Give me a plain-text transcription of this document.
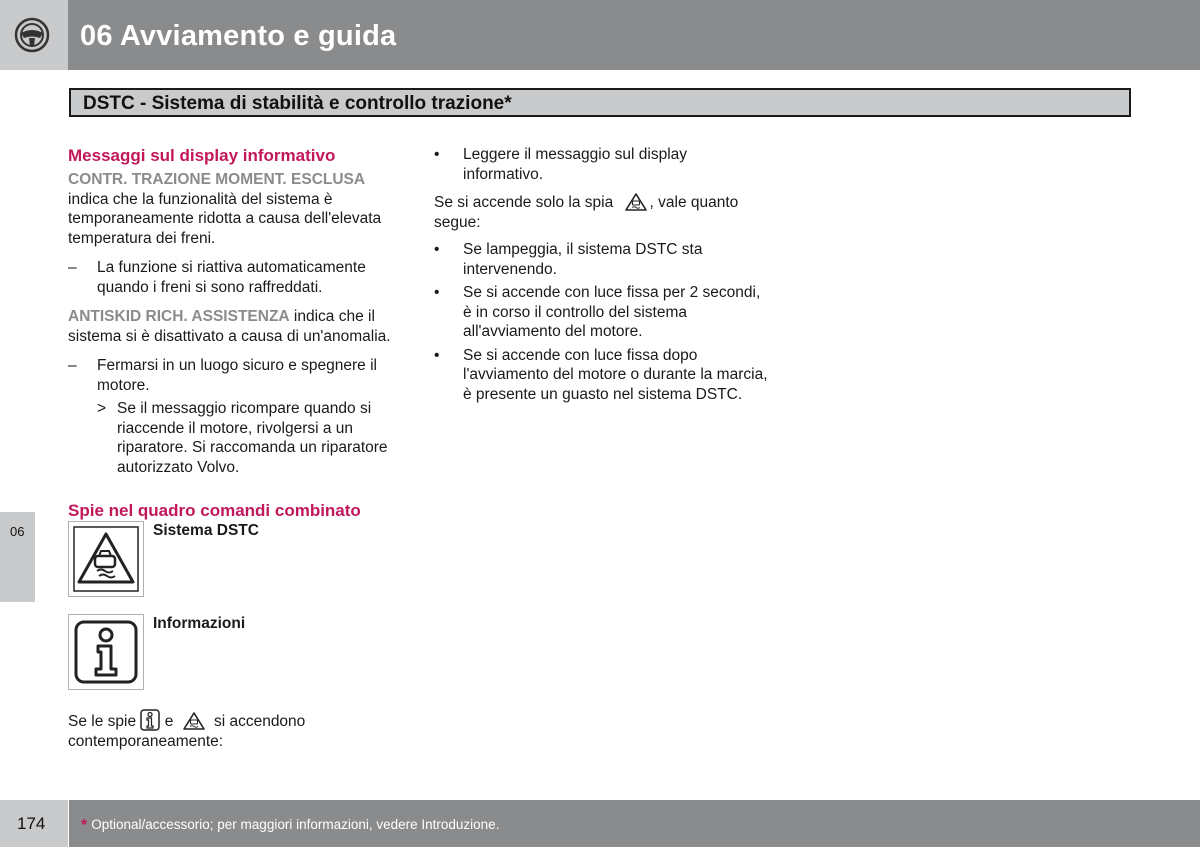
06 Avviamento e guida
DSTC - Sistema di stabilità e controllo trazione*
Messaggi sul display informativo

CONTR. TRAZIONE MOMENT. ESCLUSA
indica che la funzionalità del sistema è temporaneamente ridotta a causa dell'elevata temperatura dei freni.

– La funzione si riattiva automaticamente quando i freni si sono raffreddati.

ANTISKID RICH. ASSISTENZA indica che il sistema si è disattivato a causa di un'anomalia.

– Fermarsi in un luogo sicuro e spegnere il motore.
> Se il messaggio ricompare quando si riaccende il motore, rivolgersi a un riparatore. Si raccomanda un riparatore autorizzato Volvo.
Spie nel quadro comandi combinato
Sistema DSTC
Informazioni
Se le spie e	si accendono contemporaneamente:
• Leggere il messaggio sul display informativo.

Se si accende solo la spia , vale quanto segue:

• Se lampeggia, il sistema DSTC sta intervenendo.
• Se si accende con luce fissa per 2 secondi, è in corso il controllo del sistema all'avviamento del motore.
• Se si accende con luce fissa dopo l'avviamento del motore o durante la marcia, è presente un guasto nel sistema DSTC.
06
174 * Optional/accessorio; per maggiori informazioni, vedere Introduzione.
